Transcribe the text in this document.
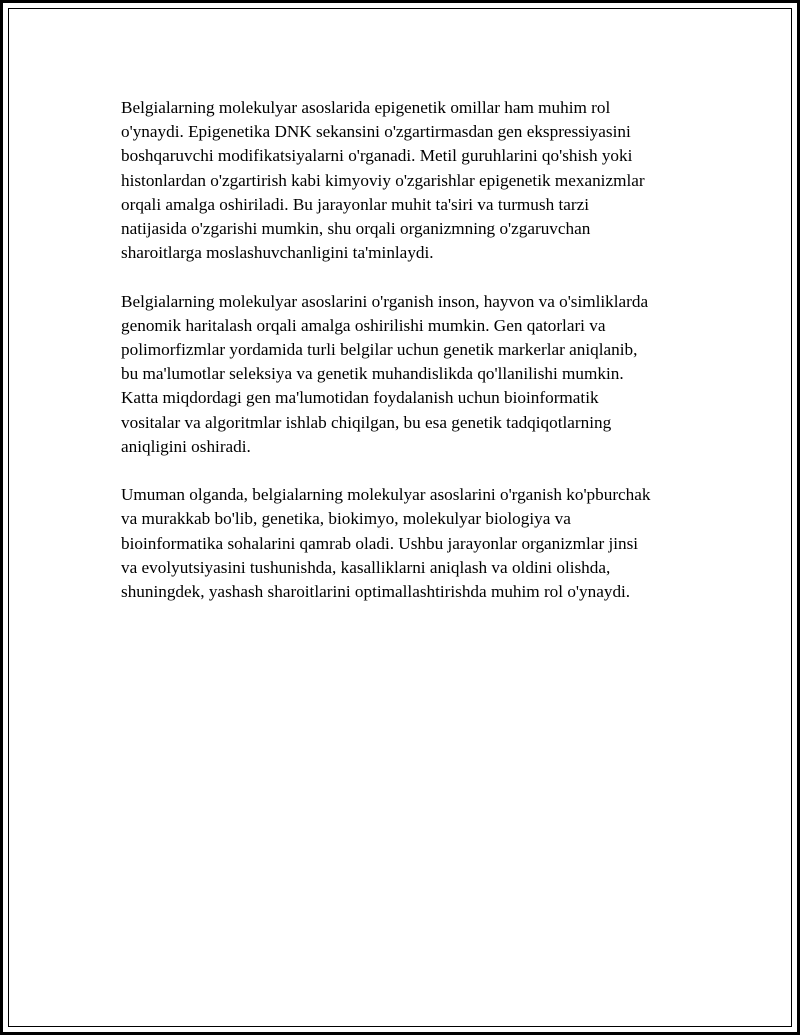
Belgialarning molekulyar asoslarida epigenetik omillar ham muhim rol
o'ynaydi. Epigenetika DNK sekansini o'zgartirmasdan gen ekspressiyasini
boshqaruvchi modifikatsiyalarni o'rganadi. Metil guruhlarini qo'shish yoki
histonlardan o'zgartirish kabi kimyoviy o'zgarishlar epigenetik mexanizmlar
orqali amalga oshiriladi. Bu jarayonlar muhit ta'siri va turmush tarzi
natijasida o'zgarishi mumkin, shu orqali organizmning o'zgaruvchan
sharoitlarga moslashuvchanligini ta'minlaydi.

Belgialarning molekulyar asoslarini o'rganish inson, hayvon va o'simliklarda
genomik haritalash orqali amalga oshirilishi mumkin. Gen qatorlari va
polimorfizmlar yordamida turli belgilar uchun genetik markerlar aniqlanib,
bu ma'lumotlar seleksiya va genetik muhandislikda qo'llanilishi mumkin.
Katta miqdordagi gen ma'lumotidan foydalanish uchun bioinformatik
vositalar va algoritmlar ishlab chiqilgan, bu esa genetik tadqiqotlarning
aniqligini oshiradi.

Umuman olganda, belgialarning molekulyar asoslarini o'rganish ko'pburchak
va murakkab bo'lib, genetika, biokimyo, molekulyar biologiya va
bioinformatika sohalarini qamrab oladi. Ushbu jarayonlar organizmlar jinsi
va evolyutsiyasini tushunishda, kasalliklarni aniqlash va oldini olishda,
shuningdek, yashash sharoitlarini optimallashtirishda muhim rol o'ynaydi.
